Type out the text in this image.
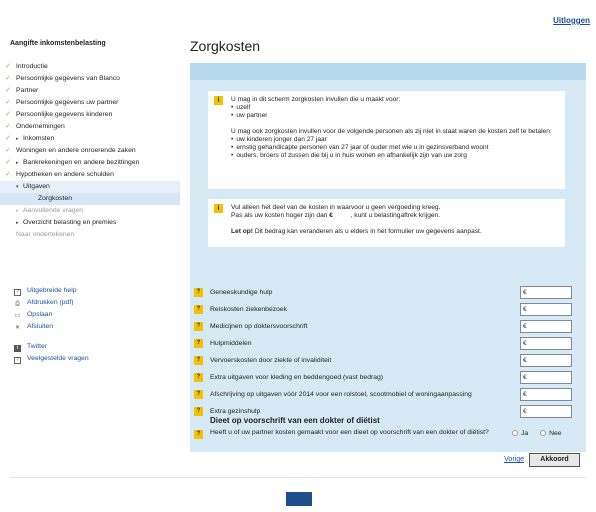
Uitloggen
Aangifte inkomstenbelasting
✓ Introductie
✓ Persoonlijke gegevens van Blanco
✓ Partner
✓ Persoonlijke gegevens uw partner
✓ Persoonlijke gegevens kinderen
✓ Ondernemingen
✓ ▸ Inkomsten
✓ Woningen en andere onroerende zaken
✓ ▸ Bankrekeningen en andere bezittingen
✓ Hypotheken en andere schulden
▾ Uitgaven
Zorgkosten
▸ Aanvullende vragen
▸ Overzicht belasting en premies
Naar ondertekenen
? Uitgebreide help
⎙ Afdrukken (pdf)
▭ Opslaan
✕ Afsluiten
t Twitter
? Veelgestelde vragen
Zorgkosten
i	U mag in dit scherm zorgkosten invullen die u maakt voor:
• uzelf
• uw partner
U mag ook zorgkosten invullen voor de volgende personen als zij niet in staat waren de kosten zelf te betalen:
• uw kinderen jonger dan 27 jaar
• ernstig gehandicapte personen van 27 jaar of ouder met wie u in gezinsverband woont
• ouders, broers of zussen die bij u in huis wonen en afhankelijk zijn van uw zorg
i	Vul alleen het deel van de kosten in waarvoor u geen vergoeding kreeg.
Pas als uw kosten hoger zijn dan €	, kunt u belastingaftrek krijgen.
Let op! Dit bedrag kan veranderen als u elders in het formulier uw gegevens aanpast.
?	Geneeskundige hulp	€
?	Reiskosten ziekenbezoek	€
?	Medicijnen op doktersvoorschrift	€
?	Hulpmiddelen	€
?	Vervoerskosten door ziekte of invaliditeit	€
?	Extra uitgaven voor kleding en beddengoed (vast bedrag)	€
?	Afschrijving op uitgaven vóór 2014 voor een rolstoel, scootmobiel of woningaanpassing	€
?	Extra gezinshulp	€
Dieet op voorschrift van een dokter of diëtist
?	Heeft u of uw partner kosten gemaakt voor een dieet op voorschrift van een dokter of diëtist?	Ja	Nee
Vorige	Akkoord
